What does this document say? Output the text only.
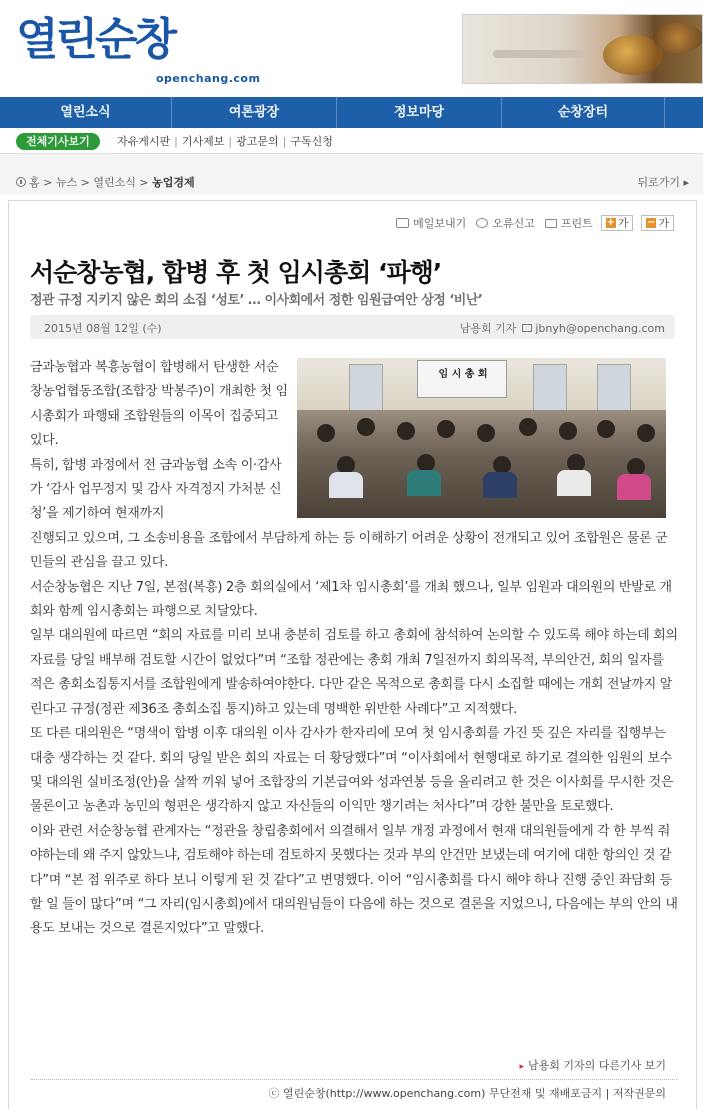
열린순창
openchang.com
열린소식	여론광장	정보마당	순창장터
전체기사보기	자유게시판 | 기사제보 | 광고문의 | 구독신청
홈 > 뉴스 > 열린소식 > 농업경제	뒤로가기 ▸
메일보내기 오류신고 프린트 + 가 − 가
서순창농협, 합병 후 첫 임시총회 ‘파행’
정관 규정 지키지 않은 회의 소집 ‘성토’ … 이사회에서 정한 임원급여안 상정 ‘비난’
2015년 08월 12일 (수)	남용회 기자 jbnyh@openchang.com
임 시 총 회

금과농협과 복흥농협이 합병해서 탄생한 서순창농업협동조합(조합장 박봉주)이 개최한 첫 임시총회가 파행돼 조합원들의 이목이 집중되고 있다.

특히, 합병 과정에서 전 금과농협 소속 이·감사가 ‘감사 업무정지 및 감사 자격정지 가처분 신청’을 제기하여 현재까지

진행되고 있으며, 그 소송비용을 조합에서 부담하게 하는 등 이해하기 어려운 상황이 전개되고 있어 조합원은 물론 군민들의 관심을 끌고 있다.

서순창농협은 지난 7일, 본점(복흥) 2층 회의실에서 ‘제1차 임시총회’를 개최 했으나, 일부 임원과 대의원의 반발로 개회와 함께 임시총회는 파행으로 치달았다.

일부 대의원에 따르면 “회의 자료를 미리 보내 충분히 검토를 하고 총회에 참석하여 논의할 수 있도록 해야 하는데 회의 자료를 당일 배부해 검토할 시간이 없었다”며 “조합 정관에는 총회 개최 7일전까지 회의목적, 부의안건, 회의 일자를 적은 총회소집통지서를 조합원에게 발송하여야한다. 다만 같은 목적으로 총회를 다시 소집할 때에는 개회 전날까지 알린다고 규정(정관 제36조 총회소집 통지)하고 있는데 명백한 위반한 사례다”고 지적했다.

또 다른 대의원은 “명색이 합병 이후 대의원 이사 감사가 한자리에 모여 첫 임시총회를 가진 뜻 깊은 자리를 집행부는 대충 생각하는 것 같다. 회의 당일 받은 회의 자료는 더 황당했다”며 “이사회에서 현행대로 하기로 결의한 임원의 보수 및 대의원 실비조정(안)을 살짝 끼워 넣어 조합장의 기본급여와 성과연봉 등을 올리려고 한 것은 이사회를 무시한 것은 물론이고 농촌과 농민의 형편은 생각하지 않고 자신들의 이익만 챙기려는 처사다”며 강한 불만을 토로했다.

이와 관련 서순창농협 관계자는 “정관을 창립총회에서 의결해서 일부 개정 과정에서 현재 대의원들에게 각 한 부씩 줘야하는데 왜 주지 않았느냐, 검토해야 하는데 검토하지 못했다는 것과 부의 안건만 보냈는데 여기에 대한 항의인 것 같다”며 “본 점 위주로 하다 보니 이렇게 된 것 같다”고 변명했다. 이어 “임시총회를 다시 해야 하나 진행 중인 좌담회 등 할 일 들이 많다”며 “그 자리(임시총회)에서 대의원님들이 다음에 하는 것으로 결론을 지었으니, 다음에는 부의 안의 내용도 보내는 것으로 결론지었다”고 말했다.

▸ 남용회 기자의 다른기사 보기
ⓒ 열린순창(http://www.openchang.com) 무단전재 및 재배포금지 | 저작권문의
